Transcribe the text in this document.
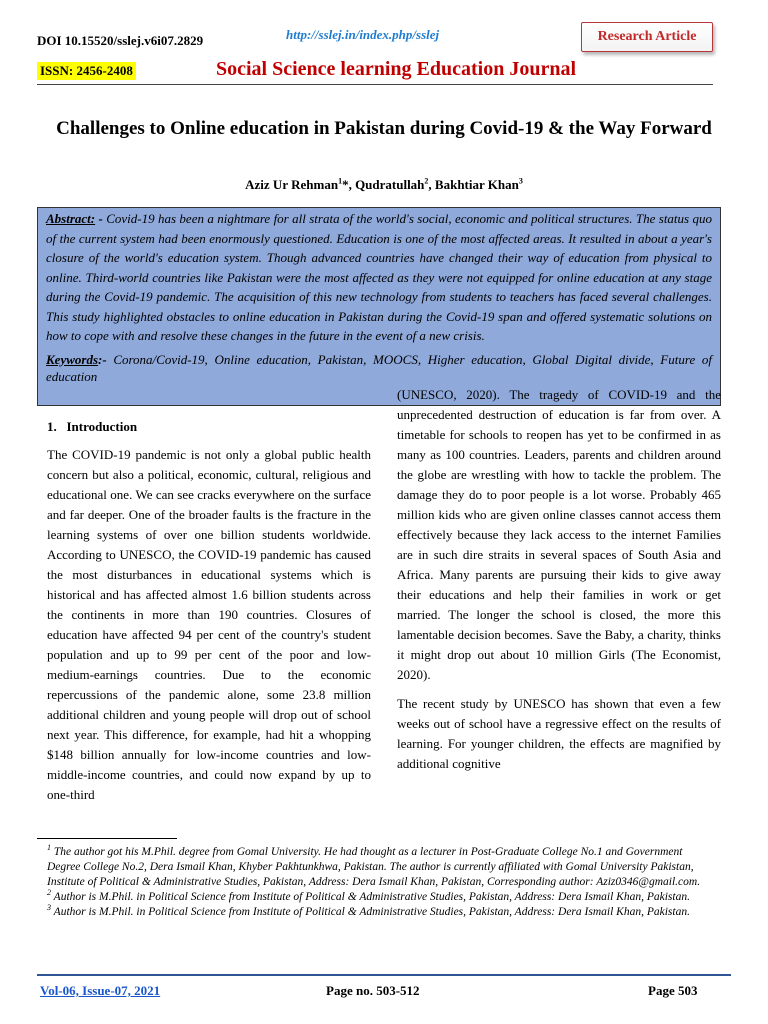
DOI 10.15520/sslej.v6i07.2829	http://sslej.in/index.php/sslej	Research Article
ISSN: 2456-2408	Social Science learning Education Journal
Challenges to Online education in Pakistan during Covid-19 & the Way Forward
Aziz Ur Rehman$^1$*, Qudratullah$^2$, Bakhtiar Khan$^3$

Abstract: - Covid-19 has been a nightmare for all strata of the world's social, economic and political structures. The status quo of the current system had been enormously questioned. Education is one of the most affected areas. It resulted in about a year's closure of the world's education system. Though advanced countries have changed their way of education from physical to online. Third-world countries like Pakistan were the most affected as they were not equipped for online education at any stage during the Covid-19 pandemic. The acquisition of this new technology from students to teachers has faced several challenges. This study highlighted obstacles to online education in Pakistan during the Covid-19 span and offered systematic solutions on how to cope with and resolve these changes in the future in the event of a new crisis.

Keywords:- Corona/Covid-19, Online education, Pakistan, MOOCS, Higher education, Global Digital divide, Future of education

1.   Introduction

The COVID-19 pandemic is not only a global public health concern but also a political, economic, cultural, religious and educational one. We can see cracks everywhere on the surface and far deeper. One of the broader faults is the fracture in the learning systems of over one billion students worldwide. According to UNESCO, the COVID-19 pandemic has caused the most disturbances in educational systems which is historical and has affected almost 1.6 billion students across the continents in more than 190 countries. Closures of education have affected 94 per cent of the country's student population and up to 99 per cent of the poor and low-medium-earnings countries. Due to the economic repercussions of the pandemic alone, some 23.8 million additional children and young people will drop out of school next year. This difference, for example, had hit a whopping $148 billion annually for low-income countries and low-middle-income countries, and could now expand by up to one-third

(UNESCO, 2020). The tragedy of COVID-19 and the unprecedented destruction of education is far from over. A timetable for schools to reopen has yet to be confirmed in as many as 100 countries. Leaders, parents and children around the globe are wrestling with how to tackle the problem. The damage they do to poor people is a lot worse. Probably 465 million kids who are given online classes cannot access them effectively because they lack access to the internet Families are in such dire straits in several spaces of South Asia and Africa. Many parents are pursuing their kids to give away their educations and help their families in work or get married. The longer the school is closed, the more this lamentable decision becomes. Save the Baby, a charity, thinks it might drop out about 10 million Girls (The Economist, 2020).

The recent study by UNESCO has shown that even a few weeks out of school have a regressive effect on the results of learning. For younger children, the effects are magnified by additional cognitive

$^1$ The author got his M.Phil. degree from Gomal University. He had thought as a lecturer in Post-Graduate College No.1 and Government Degree College No.2, Dera Ismail Khan, Khyber Pakhtunkhwa, Pakistan. The author is currently affiliated with Gomal University Pakistan, Institute of Political & Administrative Studies, Pakistan, Address: Dera Ismail Khan, Pakistan, Corresponding author: Aziz0346@gmail.com.

$^2$ Author is M.Phil. in Political Science from Institute of Political & Administrative Studies, Pakistan, Address: Dera Ismail Khan, Pakistan.

$^3$ Author is M.Phil. in Political Science from Institute of Political & Administrative Studies, Pakistan, Address: Dera Ismail Khan, Pakistan.

Vol-06, Issue-07, 2021	Page no. 503-512	Page 503
